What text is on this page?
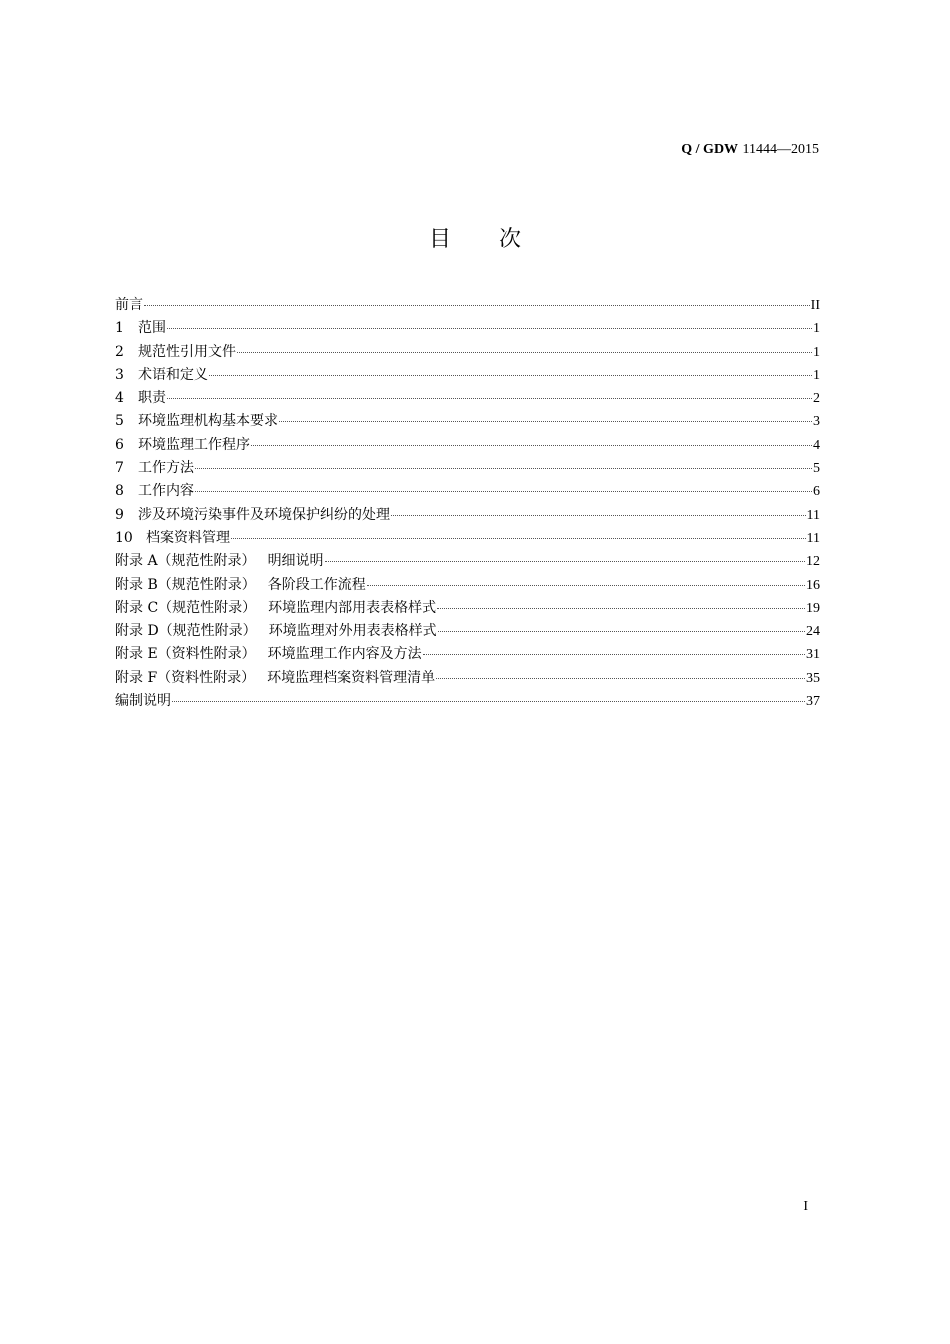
Q / GDW 11444—2015
目次
前言	II
1 范围	1
2 规范性引用文件	1
3 术语和定义	1
4 职责	2
5 环境监理机构基本要求	3
6 环境监理工作程序	4
7 工作方法	5
8 工作内容	6
9 涉及环境污染事件及环境保护纠纷的处理	11
10 档案资料管理	11
附录 A（规范性附录） 明细说明	12
附录 B（规范性附录） 各阶段工作流程	16
附录 C（规范性附录） 环境监理内部用表表格样式	19
附录 D（规范性附录） 环境监理对外用表表格样式	24
附录 E（资料性附录） 环境监理工作内容及方法	31
附录 F（资料性附录） 环境监理档案资料管理清单	35
编制说明	37
I
